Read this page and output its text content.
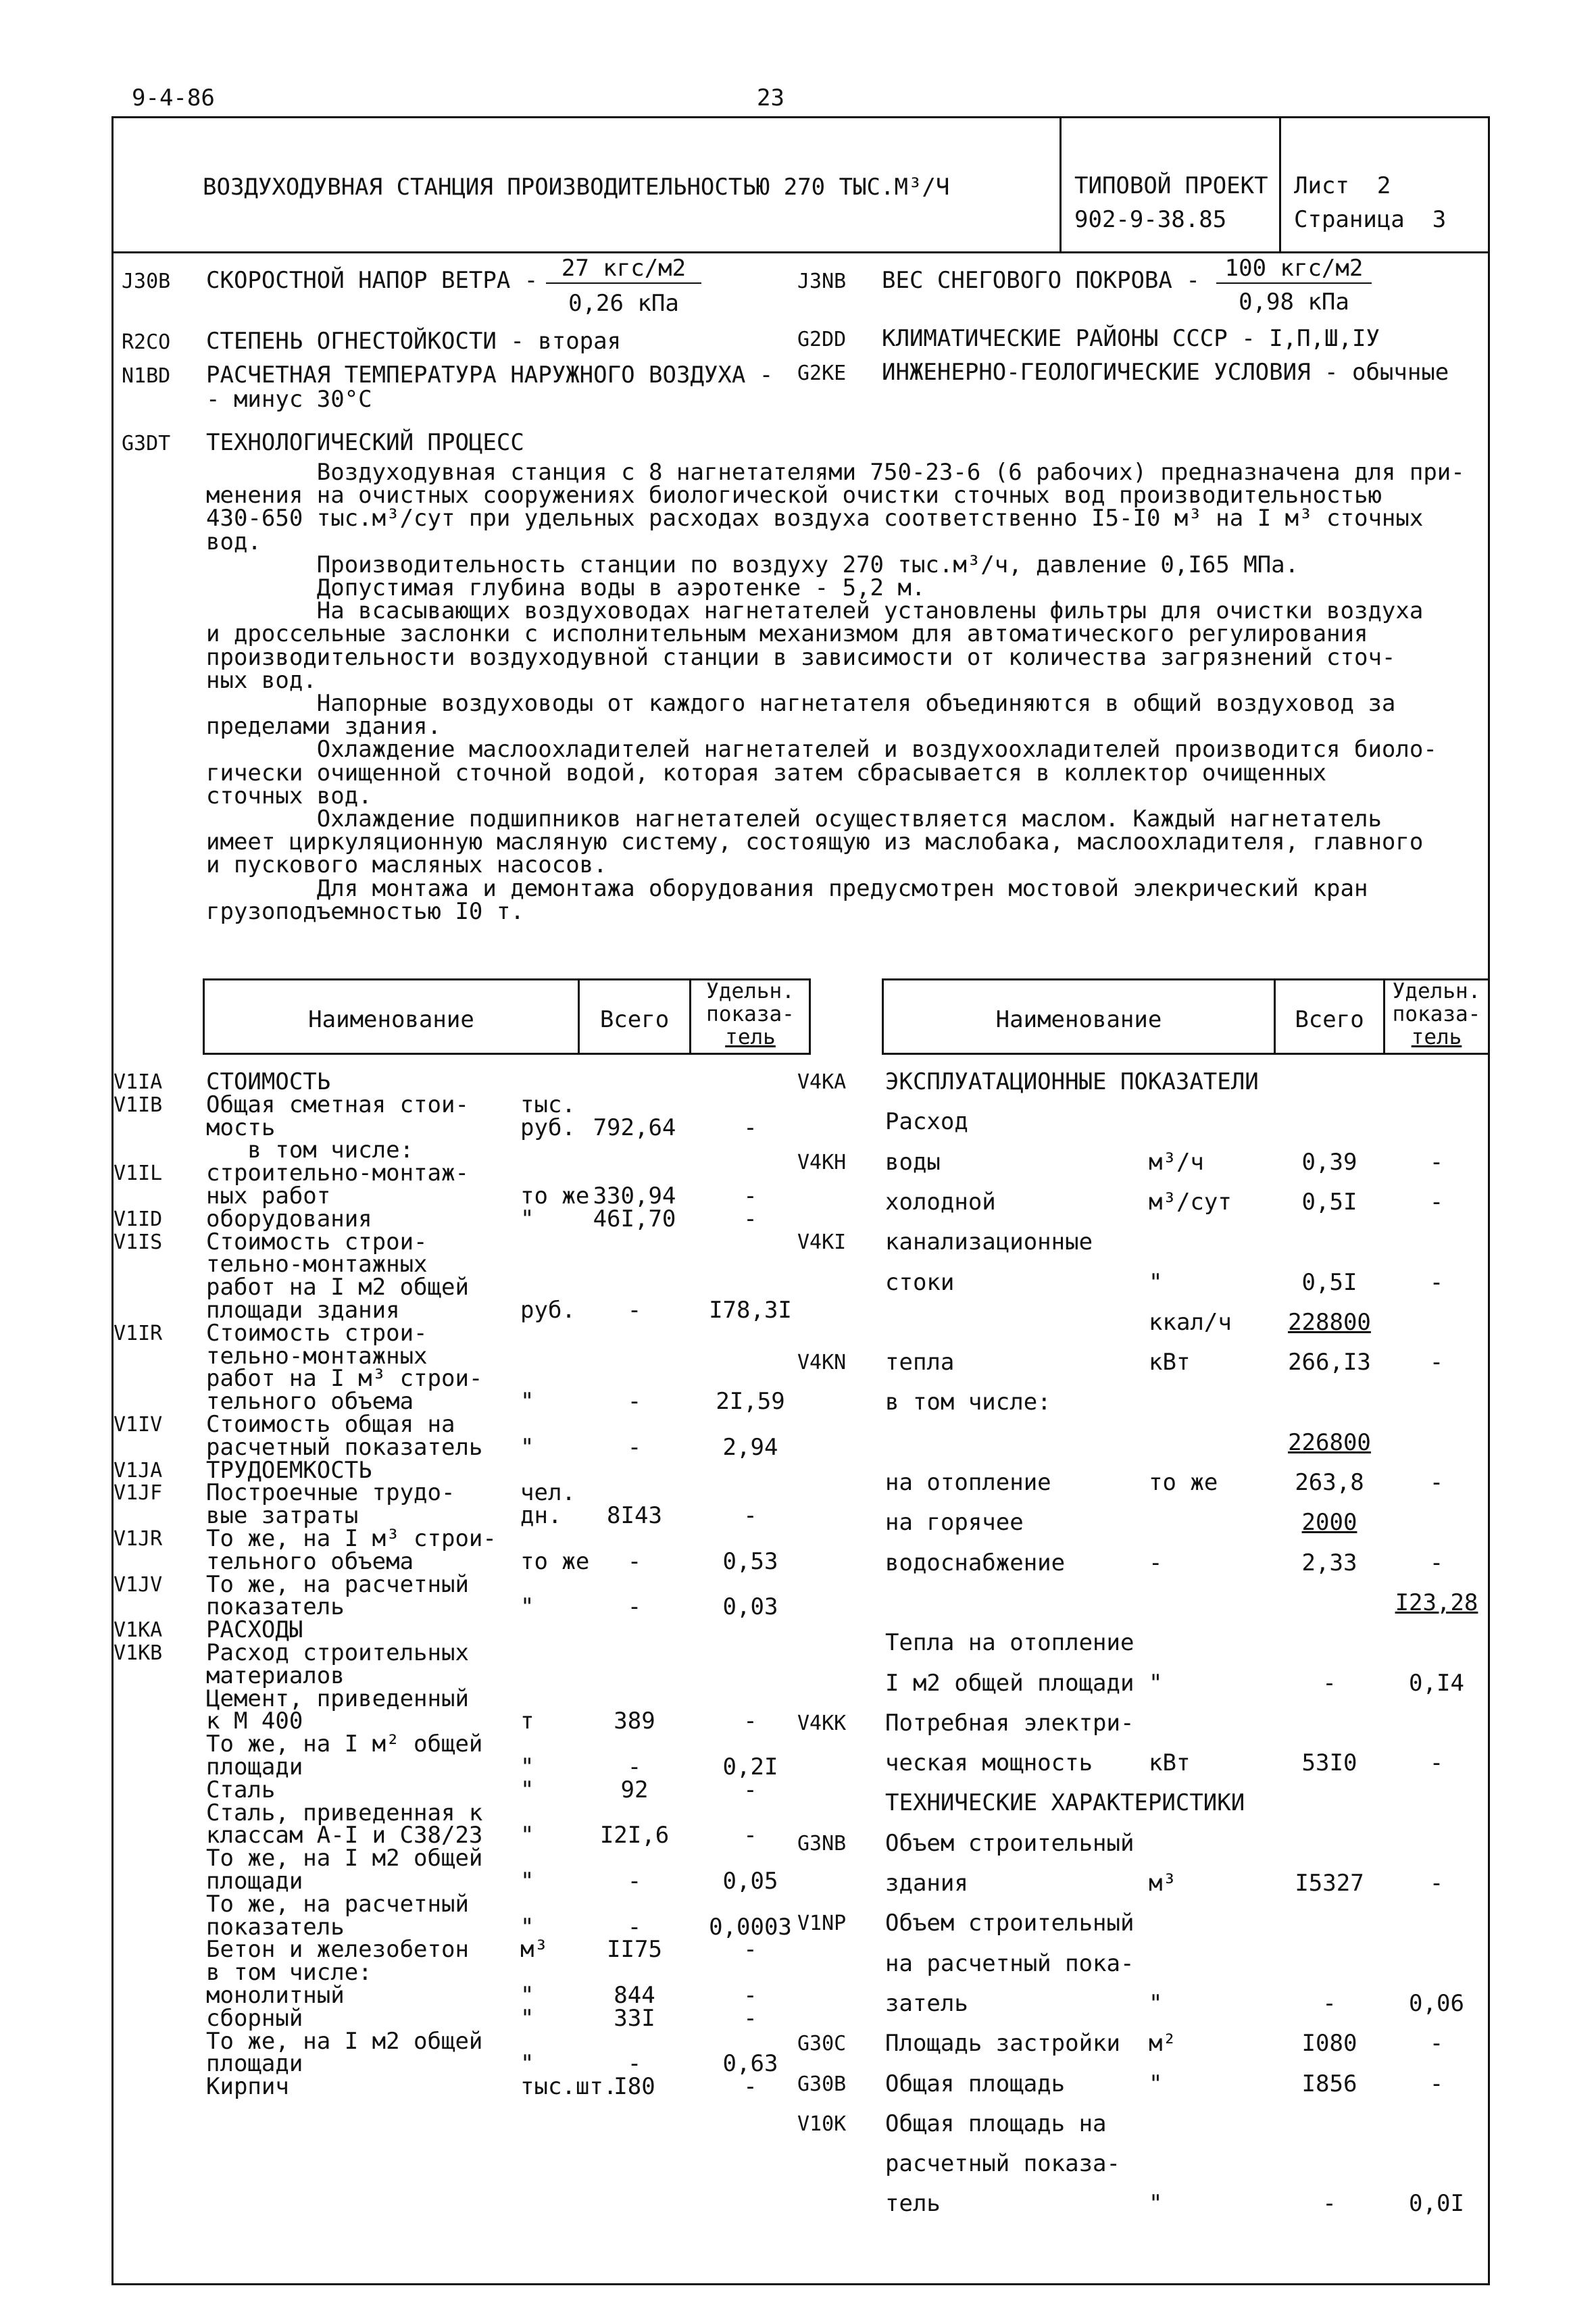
9-4-86	23
ВОЗДУХОДУВНАЯ СТАНЦИЯ ПРОИЗВОДИТЕЛЬНОСТЬЮ 270 ТЫС.М³/Ч	ТИПОВОЙ ПРОЕКТ
902-9-38.85
Лист  2
Страница  3
J30B СКОРОСТНОЙ НАПОР ВЕТРА -	27 кгс/м2
0,26 кПа
J3NB ВЕС СНЕГОВОГО ПОКРОВА -	100 кгс/м2
0,98 кПа
R2CO СТЕПЕНЬ ОГНЕСТОЙКОСТИ - вторая	G2DD КЛИМАТИЧЕСКИЕ РАЙОНЫ СССР - I,П,Ш,IУ
N1BD РАСЧЕТНАЯ ТЕМПЕРАТУРА НАРУЖНОГО ВОЗДУХА -
- минус 30°C
G2KE ИНЖЕНЕРНО-ГЕОЛОГИЧЕСКИЕ УСЛОВИЯ - обычные
G3DT ТЕХНОЛОГИЧЕСКИЙ ПРОЦЕСС
Воздуходувная станция с 8 нагнетателями 750-23-6 (6 рабочих) предназначена для при-
менения на очистных сооружениях биологической очистки сточных вод производительностью
430-650 тыс.м³/сут при удельных расходах воздуха соответственно I5-I0 м³ на I м³ сточных
вод.
Производительность станции по воздуху 270 тыс.м³/ч, давление 0,I65 МПа.
Допустимая глубина воды в аэротенке - 5,2 м.
На всасывающих воздуховодах нагнетателей установлены фильтры для очистки воздуха
и дроссельные заслонки с исполнительным механизмом для автоматического регулирования
производительности воздуходувной станции в зависимости от количества загрязнений сточ-
ных вод.
Напорные воздуховоды от каждого нагнетателя объединяются в общий воздуховод за
пределами здания.
Охлаждение маслоохладителей нагнетателей и воздухоохладителей производится биоло-
гически очищенной сточной водой, которая затем сбрасывается в коллектор очищенных
сточных вод.
Охлаждение подшипников нагнетателей осуществляется маслом. Каждый нагнетатель
имеет циркуляционную масляную систему, состоящую из маслобака, маслоохладителя, главного
и пускового масляных насосов.
Для монтажа и демонтажа оборудования предусмотрен мостовой элекрический кран
грузоподъемностью I0 т.
Наименование	Всего
Удельн.
показа-
тель
Наименование	Всего
Удельн.
показа-
тель
V1IA СТОИМОСТЬ
V1IB Общая сметная стои- тыс.
мость	руб. 792,64	-
в том числе:
V1IL строительно-монтаж-
ных работ	то же 330,94	-
V1ID оборудования	"	46I,70	-
V1IS Стоимость строи-
тельно-монтажных
работ на I м2 общей
площади здания	руб.	-	I78,3I
V1IR Стоимость строи-
тельно-монтажных
работ на I м³ строи-
тельного объема	"	-	2I,59
V1IV Стоимость общая на
расчетный показатель "	-	2,94
V1JA ТРУДОЕМКОСТЬ
V1JF Построечные трудо-	чел.
вые затраты	дн.	8I43	-
V1JR То же, на I м³ строи-
тельного объема	то же	-	0,53
V1JV То же, на расчетный
показатель	"	-	0,03
V1KA РАСХОДЫ
V1KB Расход строительных
материалов
Цемент, приведенный
к М 400	т	389	-
То же, на I м² общей
площади	"	-	0,2I
Сталь	"	92	-
Сталь, приведенная к
классам А-I и С38/23 "	I2I,6	-
То же, на I м2 общей
площади	"	-	0,05
То же, на расчетный
показатель	"	-	0,0003
Бетон и железобетон м³	II75	-
в том числе:
монолитный	"	844	-
сборный	"	33I	-
То же, на I м2 общей
площади	"	-	0,63
Кирпич	тыс.шт.
I80	-
V4KA ЭКСПЛУАТАЦИОННЫЕ ПОКАЗАТЕЛИ
Расход
V4KH воды	м³/ч	0,39	-
холодной	м³/сут	0,5I	-
V4KI канализационные
стоки	"	0,5I	-
ккал/ч	228800
V4KN тепла	кВт	266,I3	-
в том числе:
226800
на отопление	то же	263,8	-
на горячее	2000
водоснабжение	-	2,33	-
I23,28
Тепла на отопление
I м2 общей площади "	-	0,I4
V4KK Потребная электри-
ческая мощность кВт	53I0	-
ТЕХНИЧЕСКИЕ ХАРАКТЕРИСТИКИ
G3NB Объем строительный
здания	м³	I5327	-
V1NP Объем строительный
на расчетный пока-
затель	"	-	0,06
G30C Площадь застройки м²	I080	-
G30B Общая площадь	"	I856	-
V10K Общая площадь на
расчетный показа-
тель	"	-	0,0I
